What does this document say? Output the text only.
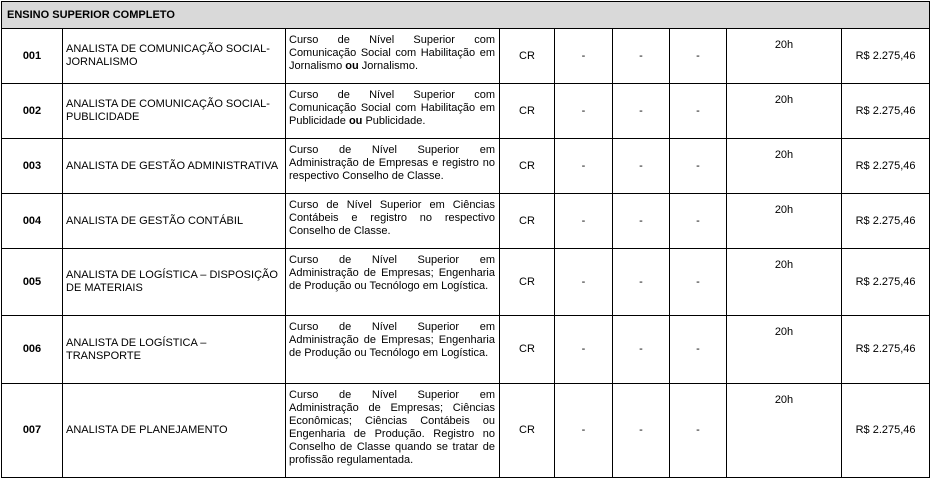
ENSINO SUPERIOR COMPLETO								
001	ANALISTA DE COMUNICAÇÃO SOCIAL-JORNALISMO	Curso de Nível Superior com Comunicação Social com Habilitação em Jornalismo ou Jornalismo.	CR	-	-	-	20h	R$ 2.275,46
002	ANALISTA DE COMUNICAÇÃO SOCIAL-PUBLICIDADE	Curso de Nível Superior com Comunicação Social com Habilitação em Publicidade ou Publicidade.	CR	-	-	-	20h	R$ 2.275,46
003	ANALISTA DE GESTÃO ADMINISTRATIVA	Curso de Nível Superior em Administração de Empresas e registro no respectivo Conselho de Classe.	CR	-	-	-	20h	R$ 2.275,46
004	ANALISTA DE GESTÃO CONTÁBIL	Curso de Nível Superior em Ciências Contábeis e registro no respectivo Conselho de Classe.	CR	-	-	-	20h	R$ 2.275,46
005	ANALISTA DE LOGÍSTICA – DISPOSIÇÃO DE MATERIAIS	Curso de Nível Superior em Administração de Empresas; Engenharia de Produção ou Tecnólogo em Logística.	CR	-	-	-	20h	R$ 2.275,46
006	ANALISTA DE LOGÍSTICA – TRANSPORTE	Curso de Nível Superior em Administração de Empresas; Engenharia de Produção ou Tecnólogo em Logística.	CR	-	-	-	20h	R$ 2.275,46
007	ANALISTA DE PLANEJAMENTO	Curso de Nível Superior em Administração de Empresas; Ciências Econômicas; Ciências Contábeis ou Engenharia de Produção. Registro no Conselho de Classe quando se tratar de profissão regulamentada.	CR	-	-	-	20h	R$ 2.275,46
